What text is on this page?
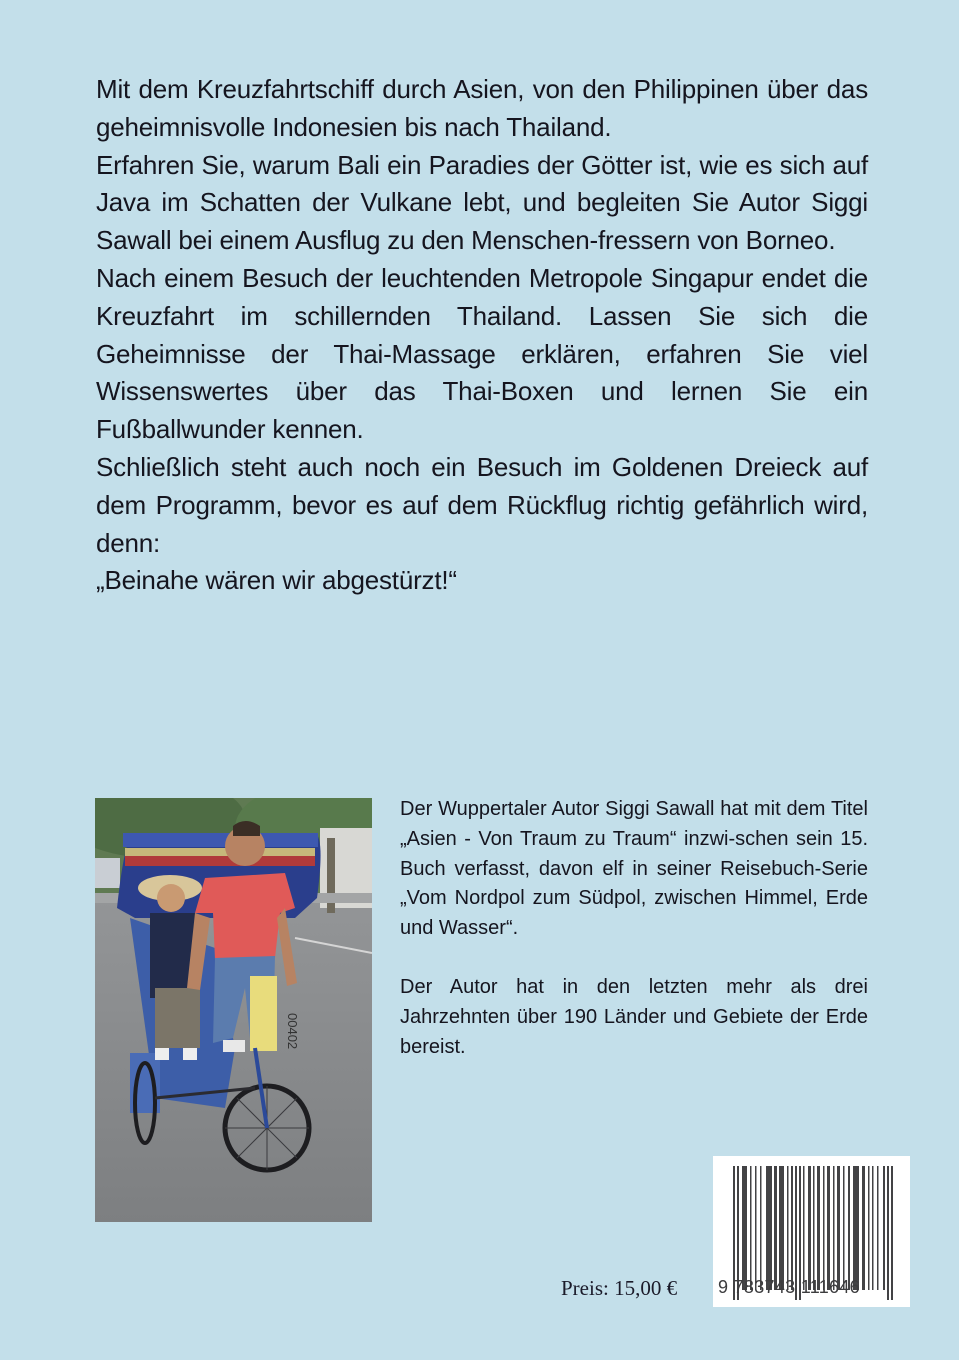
Mit dem Kreuzfahrtschiff durch Asien, von den Philippinen über das geheimnisvolle Indonesien bis nach Thailand.

Erfahren Sie, warum Bali ein Paradies der Götter ist, wie es sich auf Java im Schatten der Vulkane lebt, und begleiten Sie Autor Siggi Sawall bei einem Ausflug zu den Menschen-fressern von Borneo.

Nach einem Besuch der leuchtenden Metropole Singapur endet die Kreuzfahrt im schillernden Thailand. Lassen Sie sich die Geheimnisse der Thai-Massage erklären, erfahren Sie viel Wissenswertes über das Thai-Boxen und lernen Sie ein Fußballwunder kennen.

Schließlich steht auch noch ein Besuch im Goldenen Dreieck auf dem Programm, bevor es auf dem Rückflug richtig gefährlich wird, denn:

„Beinahe wären wir abgestürzt!“

00402

Der Wuppertaler Autor Siggi Sawall hat mit dem Titel „Asien - Von Traum zu Traum“ inzwi-schen sein 15. Buch verfasst, davon elf in seiner Reisebuch-Serie „Vom Nordpol zum Südpol, zwischen Himmel, Erde und Wasser“.

Der Autor hat in den letzten mehr als drei Jahrzehnten über 190 Länder und Gebiete der Erde bereist.

Preis: 15,00 € 9 783743 111646
